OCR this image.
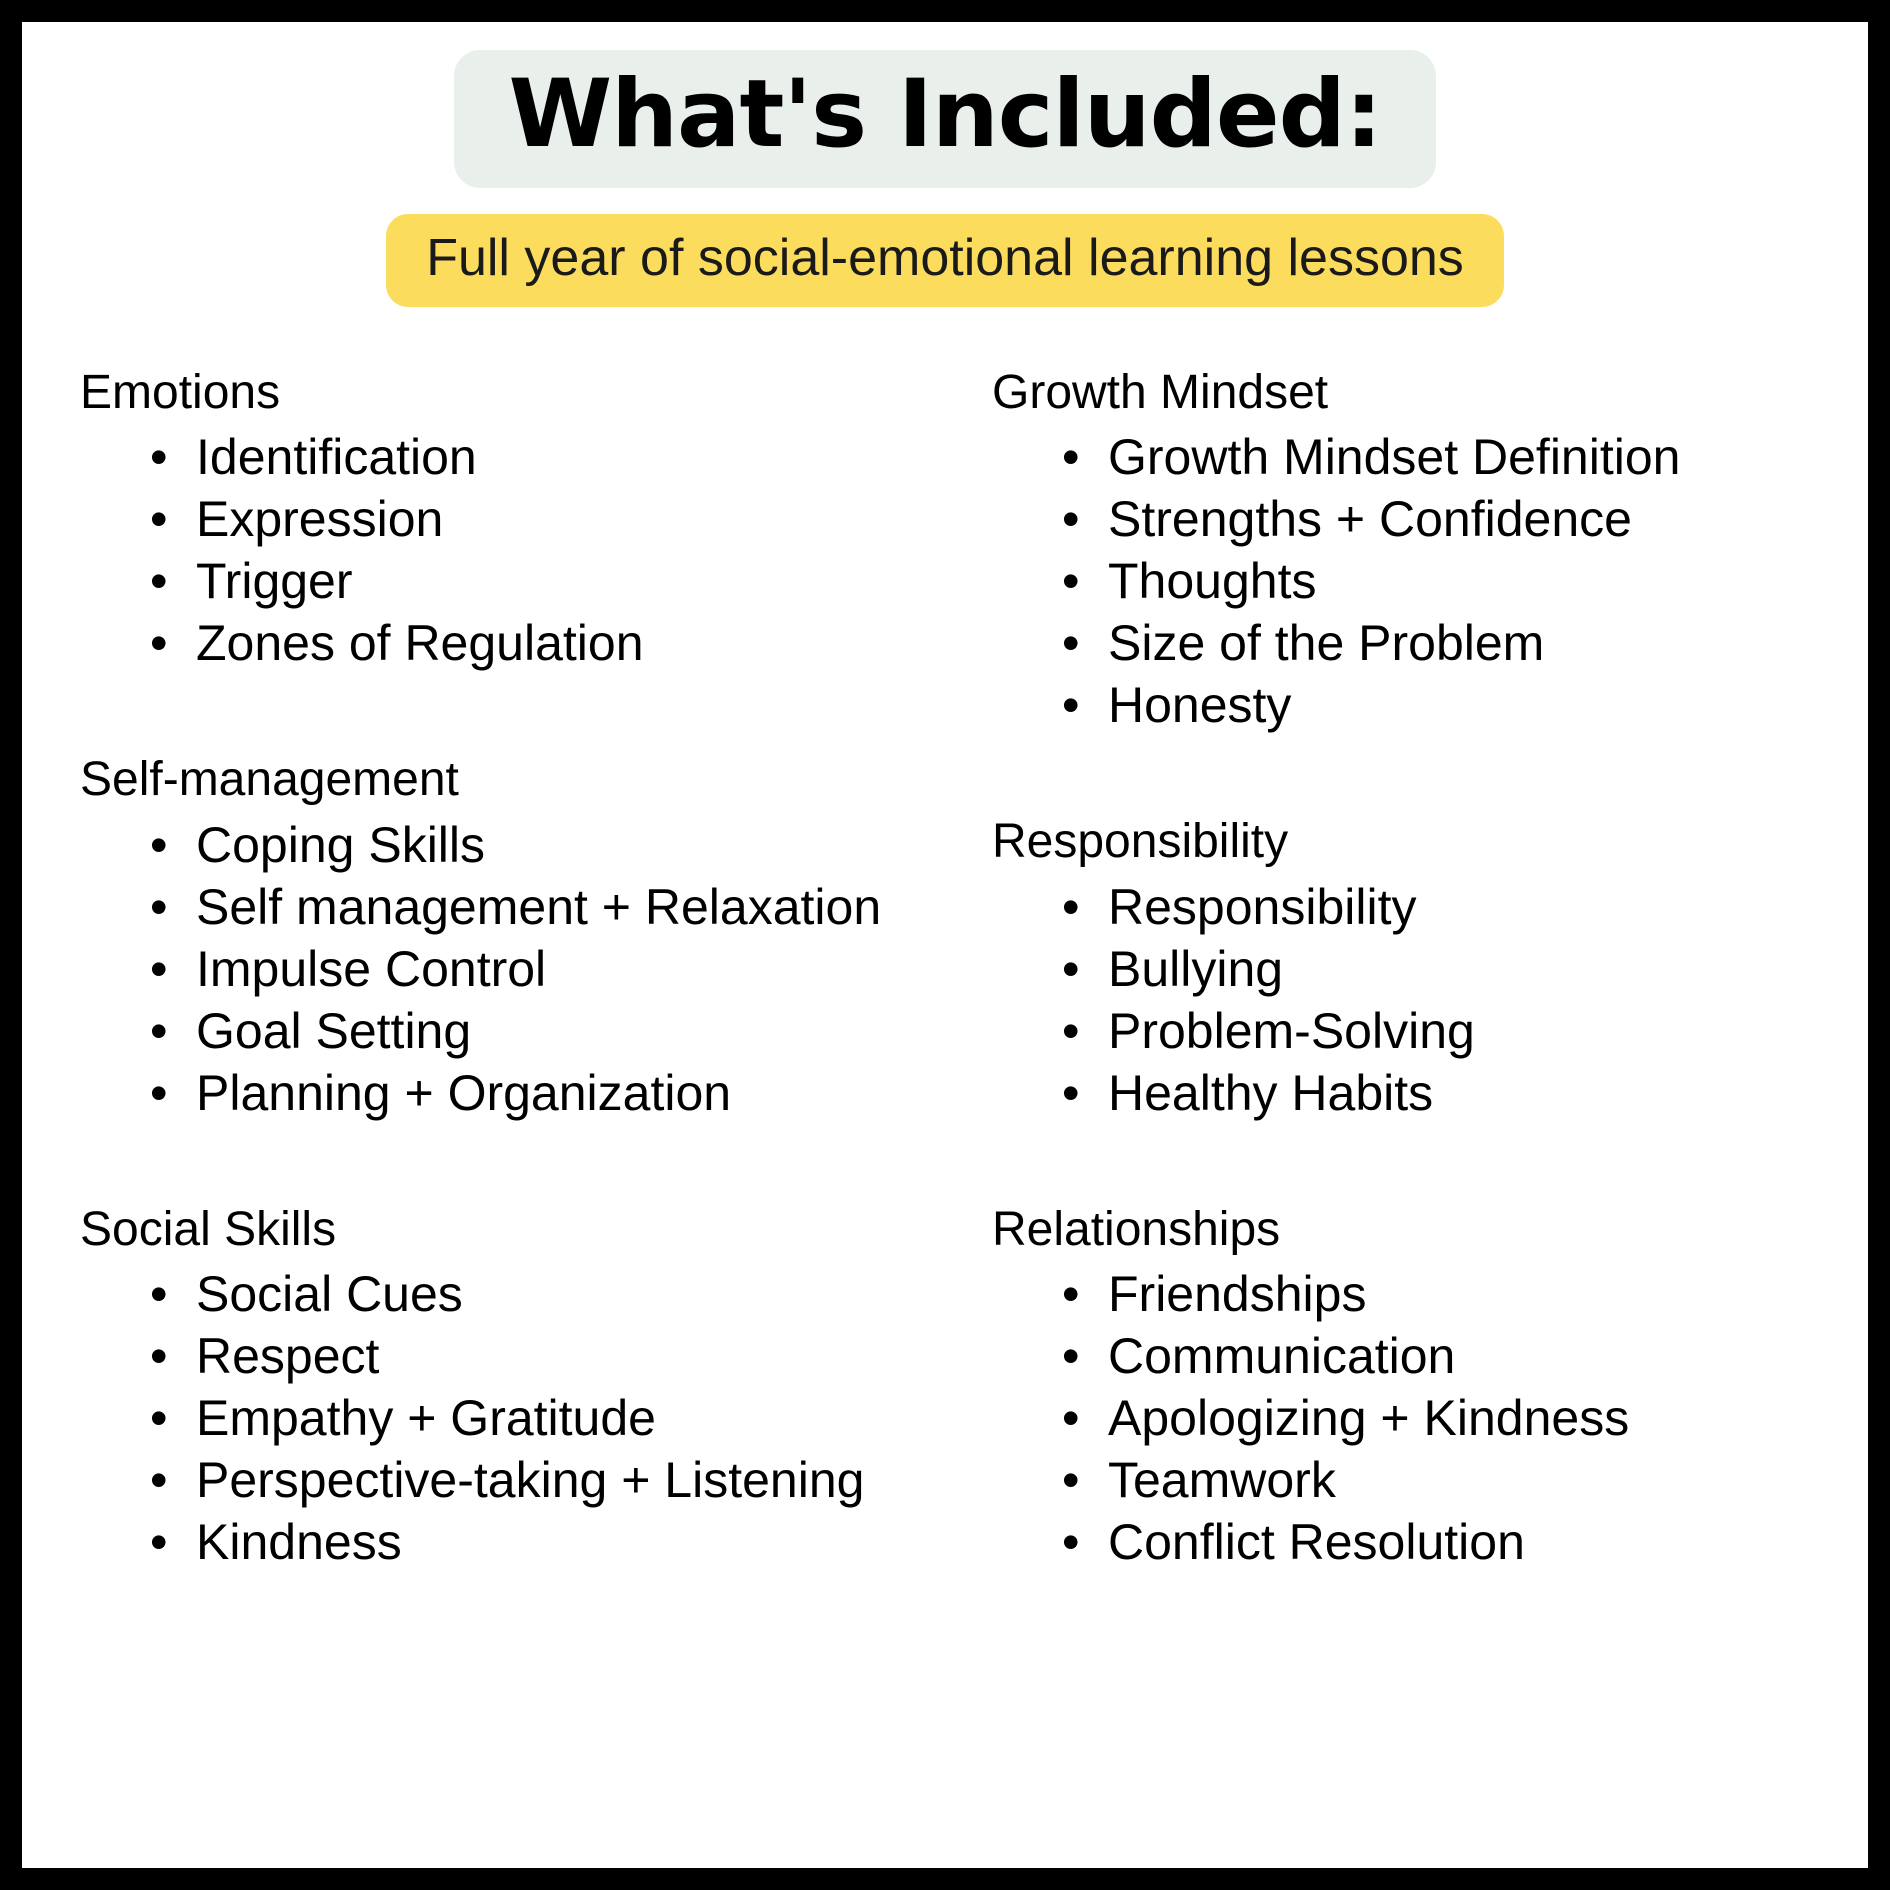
What's Included:
Full year of social-emotional learning lessons
Emotions
• Identification
• Expression
• Trigger
• Zones of Regulation
Self-management
• Coping Skills
• Self management + Relaxation
• Impulse Control
• Goal Setting
• Planning + Organization
Social Skills
• Social Cues
• Respect
• Empathy + Gratitude
• Perspective-taking + Listening
• Kindness
Growth Mindset
• Growth Mindset Definition
• Strengths + Confidence
• Thoughts
• Size of the Problem
• Honesty
Responsibility
• Responsibility
• Bullying
• Problem-Solving
• Healthy Habits
Relationships
• Friendships
• Communication
• Apologizing + Kindness
• Teamwork
• Conflict Resolution
